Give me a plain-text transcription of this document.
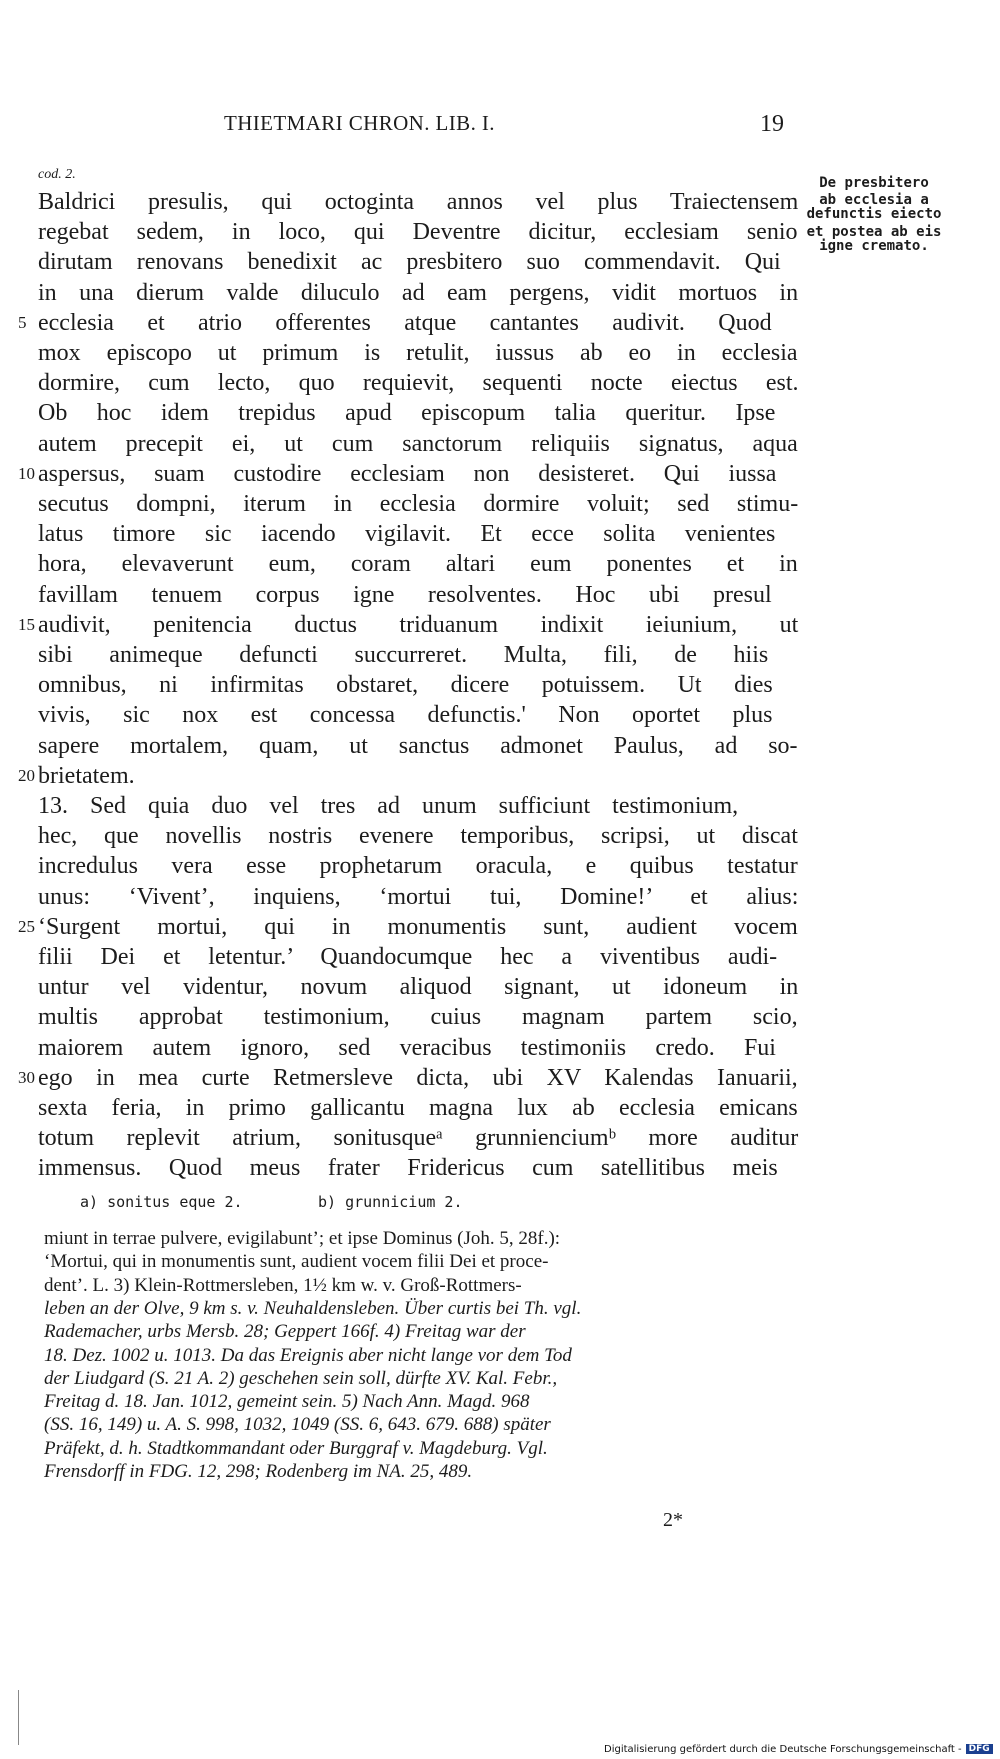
THIETMARI CHRON. LIB. I.	19
cod. 2.
Baldrici presulis, qui octoginta annos vel plus Traiectensem
regebat sedem, in loco, qui Deventre dicitur, ecclesiam senio
dirutam renovans benedixit ac presbitero suo commendavit. Qui
in una dierum valde diluculo ad eam pergens, vidit mortuos in
5 ecclesia et atrio offerentes atque cantantes audivit. Quod
mox episcopo ut primum is retulit, iussus ab eo in ecclesia
dormire, cum lecto, quo requievit, sequenti nocte eiectus est.
Ob hoc idem trepidus apud episcopum talia queritur. Ipse
autem precepit ei, ut cum sanctorum reliquiis signatus, aqua
10 aspersus, suam custodire ecclesiam non desisteret. Qui iussa
secutus dompni, iterum in ecclesia dormire voluit; sed stimu-
latus timore sic iacendo vigilavit. Et ecce solita venientes
hora, elevaverunt eum, coram altari eum ponentes et in
favillam tenuem corpus igne resolventes. Hoc ubi presul
15 audivit, penitencia ductus triduanum indixit ieiunium, ut
sibi animeque defuncti succurreret. Multa, fili, de hiis
omnibus, ni infirmitas obstaret, dicere potuissem. Ut dies
vivis, sic nox est concessa defunctis.' Non oportet plus
sapere mortalem, quam, ut sanctus admonet Paulus, ad so-
20 brietatem.
13. Sed quia duo vel tres ad unum sufficiunt testimonium,
hec, que novellis nostris evenere temporibus, scripsi, ut discat
incredulus vera esse prophetarum oracula, e quibus testatur
unus: ‘Vivent’, inquiens, ‘mortui tui, Domine!’ et alius:
25 ‘Surgent mortui, qui in monumentis sunt, audient vocem
filii Dei et letentur.’ Quandocumque hec a viventibus audi-
untur vel videntur, novum aliquod signant, ut idoneum in
multis approbat testimonium, cuius magnam partem scio,
maiorem autem ignoro, sed veracibus testimoniis credo. Fui
30 ego in mea curte Retmersleve dicta, ubi XV Kalendas Ianuarii,
sexta feria, in primo gallicantu magna lux ab ecclesia emicans
totum replevit atrium, sonitusqueᵃ grunnienciumᵇ more auditur
immensus. Quod meus frater Fridericus cum satellitibus meis
De presbitero
ab ecclesia a
defunctis eiecto
et postea ab eis
igne cremato.
a) sonitus eque 2.	b) grunnicium 2.
miunt in terrae pulvere, evigilabunt’; et ipse Dominus (Joh. 5, 28f.):
‘Mortui, qui in monumentis sunt, audient vocem filii Dei et proce-
dent’. L. 3) Klein-Rottmersleben, 1½ km w. v. Groß-Rottmers-
leben an der Olve, 9 km s. v. Neuhaldensleben. Über curtis bei Th. vgl.
Rademacher, urbs Mersb. 28; Geppert 166f. 4) Freitag war der
18. Dez. 1002 u. 1013. Da das Ereignis aber nicht lange vor dem Tod
der Liudgard (S. 21 A. 2) geschehen sein soll, dürfte XV. Kal. Febr.,
Freitag d. 18. Jan. 1012, gemeint sein. 5) Nach Ann. Magd. 968
(SS. 16, 149) u. A. S. 998, 1032, 1049 (SS. 6, 643. 679. 688) später
Präfekt, d. h. Stadtkommandant oder Burggraf v. Magdeburg. Vgl.
Frensdorff in FDG. 12, 298; Rodenberg im NA. 25, 489.
2*
Digitalisierung gefördert durch die Deutsche Forschungsgemeinschaft - DFG
